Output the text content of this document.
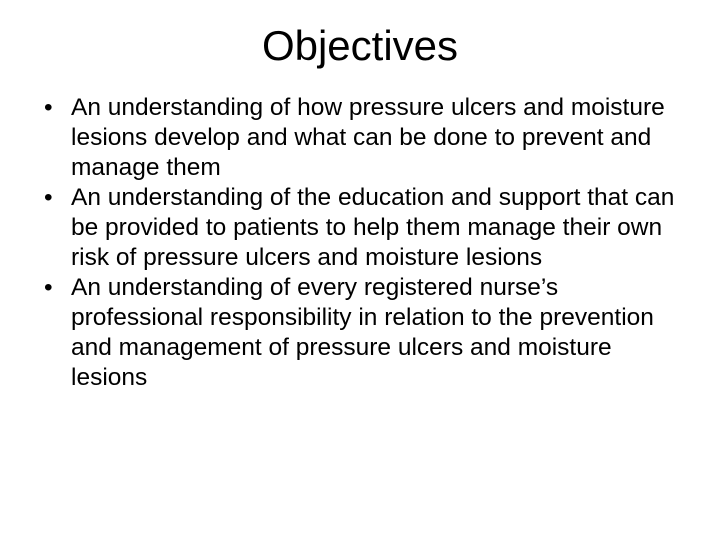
Objectives
• An understanding of how pressure ulcers and moisture lesions develop and what can be done to prevent and manage them
• An understanding of the education and support that can be provided to patients to help them manage their own risk of pressure ulcers and moisture lesions
• An understanding of every registered nurse’s professional responsibility in relation to the prevention and management of pressure ulcers and moisture lesions
